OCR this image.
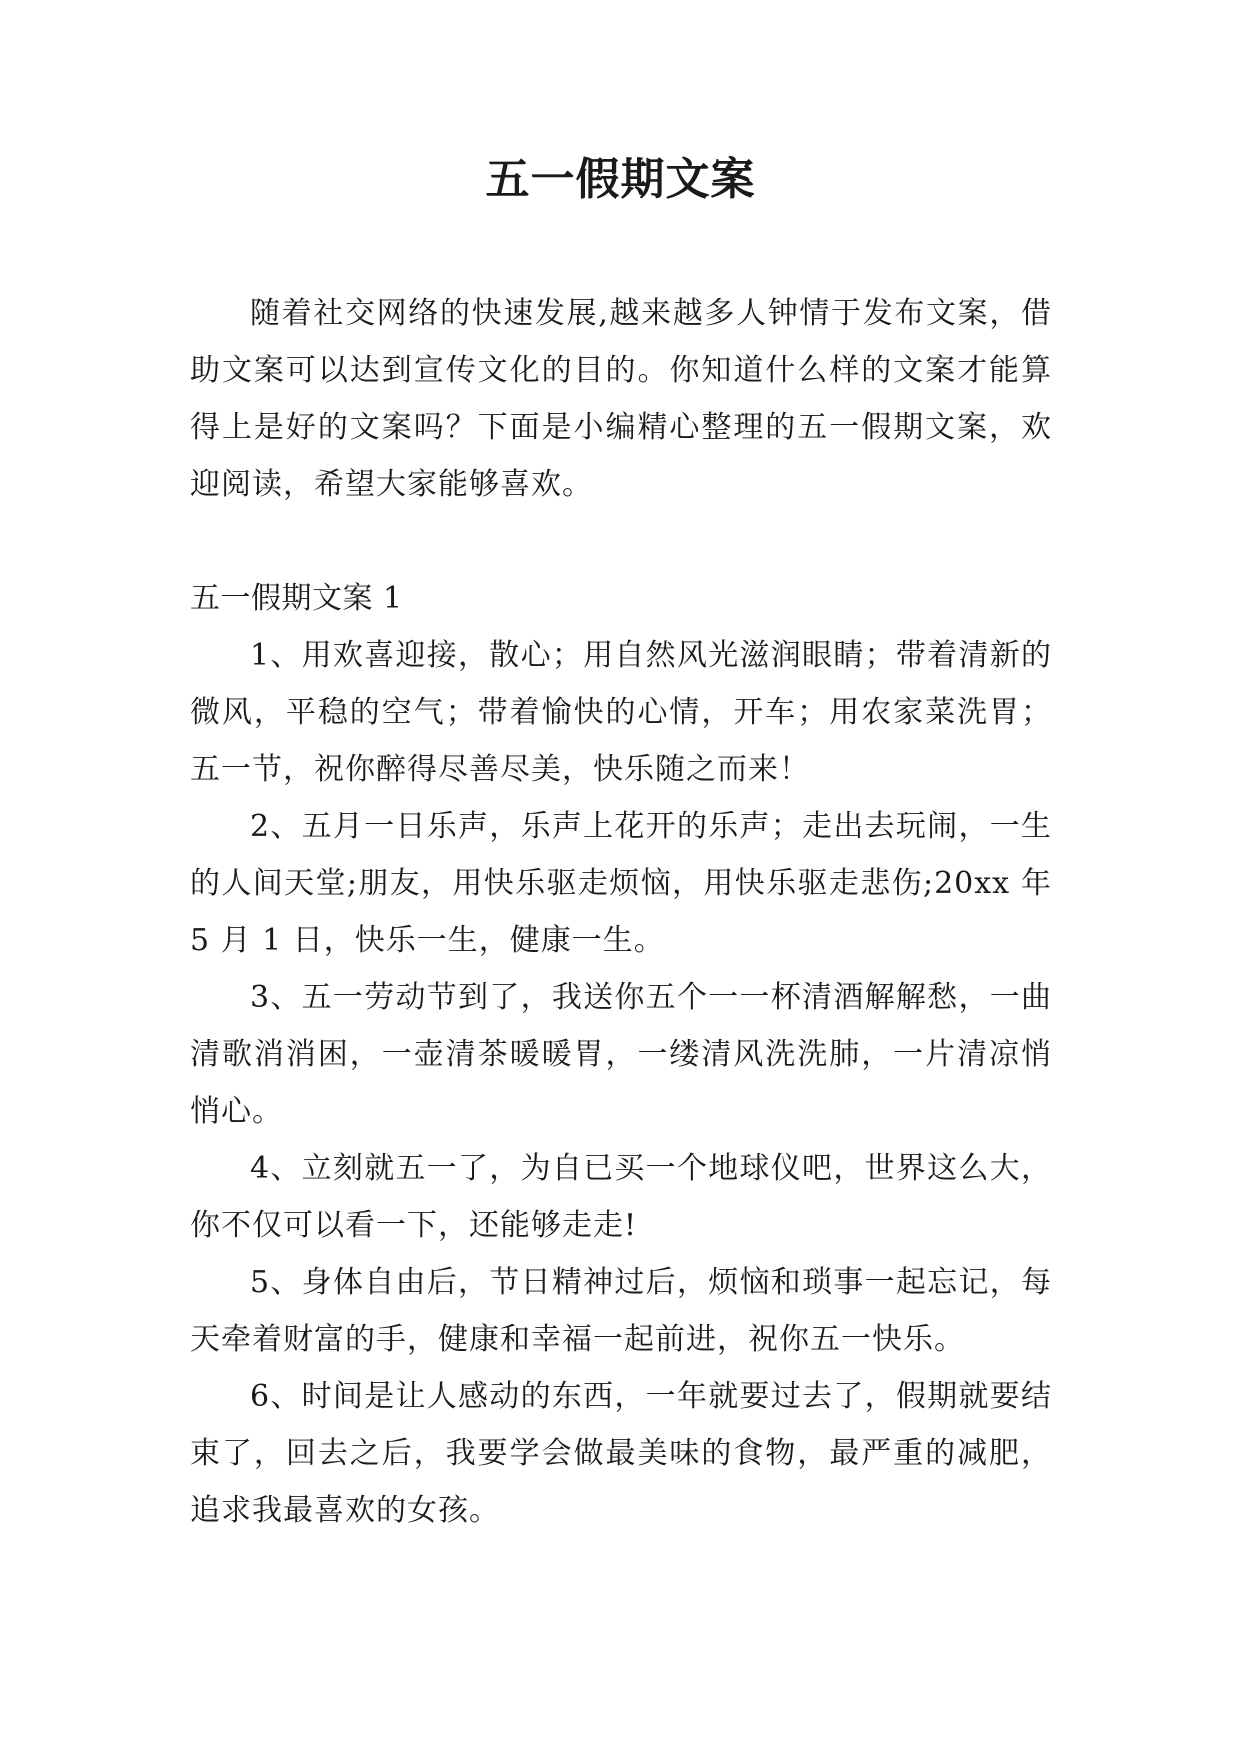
五一假期文案

随着社交网络的快速发展,越来越多人钟情于发布文案，借助文案可以达到宣传文化的目的。你知道什么样的文案才能算得上是好的文案吗？下面是小编精心整理的五一假期文案，欢迎阅读，希望大家能够喜欢。

五一假期文案 1

1、用欢喜迎接，散心；用自然风光滋润眼睛；带着清新的微风，平稳的空气；带着愉快的心情，开车；用农家菜洗胃；五一节，祝你醉得尽善尽美，快乐随之而来！

2、五月一日乐声，乐声上花开的乐声；走出去玩闹，一生的人间天堂;朋友，用快乐驱走烦恼，用快乐驱走悲伤;20xx 年 5 月 1 日，快乐一生，健康一生。

3、五一劳动节到了，我送你五个一一杯清酒解解愁，一曲清歌消消困，一壶清茶暖暖胃，一缕清风洗洗肺，一片清凉悄悄心。

4、立刻就五一了，为自已买一个地球仪吧，世界这么大，你不仅可以看一下，还能够走走!

5、身体自由后，节日精神过后，烦恼和琐事一起忘记，每天牵着财富的手，健康和幸福一起前进，祝你五一快乐。

6、时间是让人感动的东西，一年就要过去了，假期就要结束了，回去之后，我要学会做最美味的食物，最严重的减肥，追求我最喜欢的女孩。
